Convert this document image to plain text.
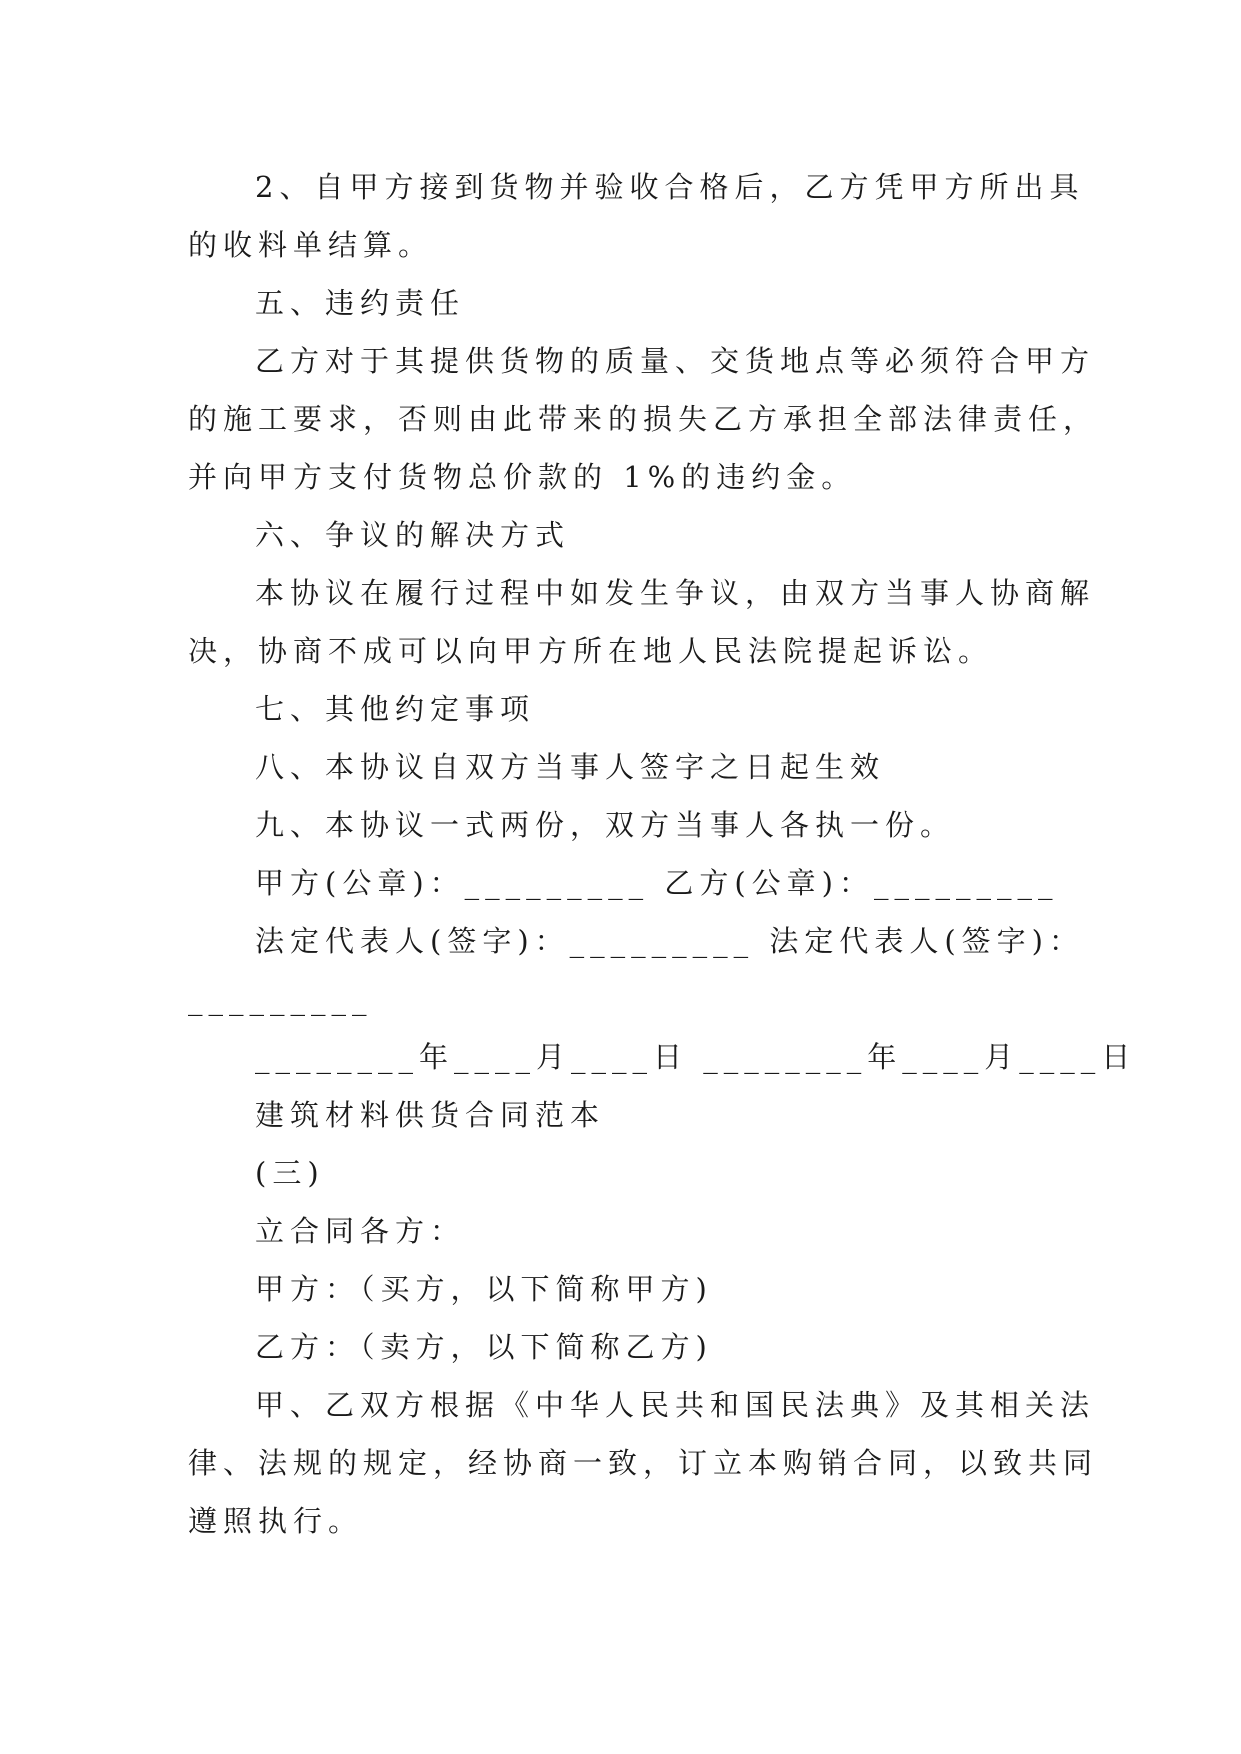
2、自甲方接到货物并验收合格后，乙方凭甲方所出具
的收料单结算。
五、违约责任
乙方对于其提供货物的质量、交货地点等必须符合甲方
的施工要求，否则由此带来的损失乙方承担全部法律责任，
并向甲方支付货物总价款的 1%的违约金。
六、争议的解决方式
本协议在履行过程中如发生争议，由双方当事人协商解
决，协商不成可以向甲方所在地人民法院提起诉讼。
七、其他约定事项
八、本协议自双方当事人签字之日起生效
九、本协议一式两份，双方当事人各执一份。
甲方(公章)：_________ 乙方(公章)：_________
法定代表人(签字)：_________ 法定代表人(签字)：
_________
________年____月____日 ________年____月____日
建筑材料供货合同范本
(三)
立合同各方：
甲方：（买方，以下简称甲方)
乙方：（卖方，以下简称乙方)
甲、乙双方根据《中华人民共和国民法典》及其相关法
律、法规的规定，经协商一致，订立本购销合同，以致共同
遵照执行。
